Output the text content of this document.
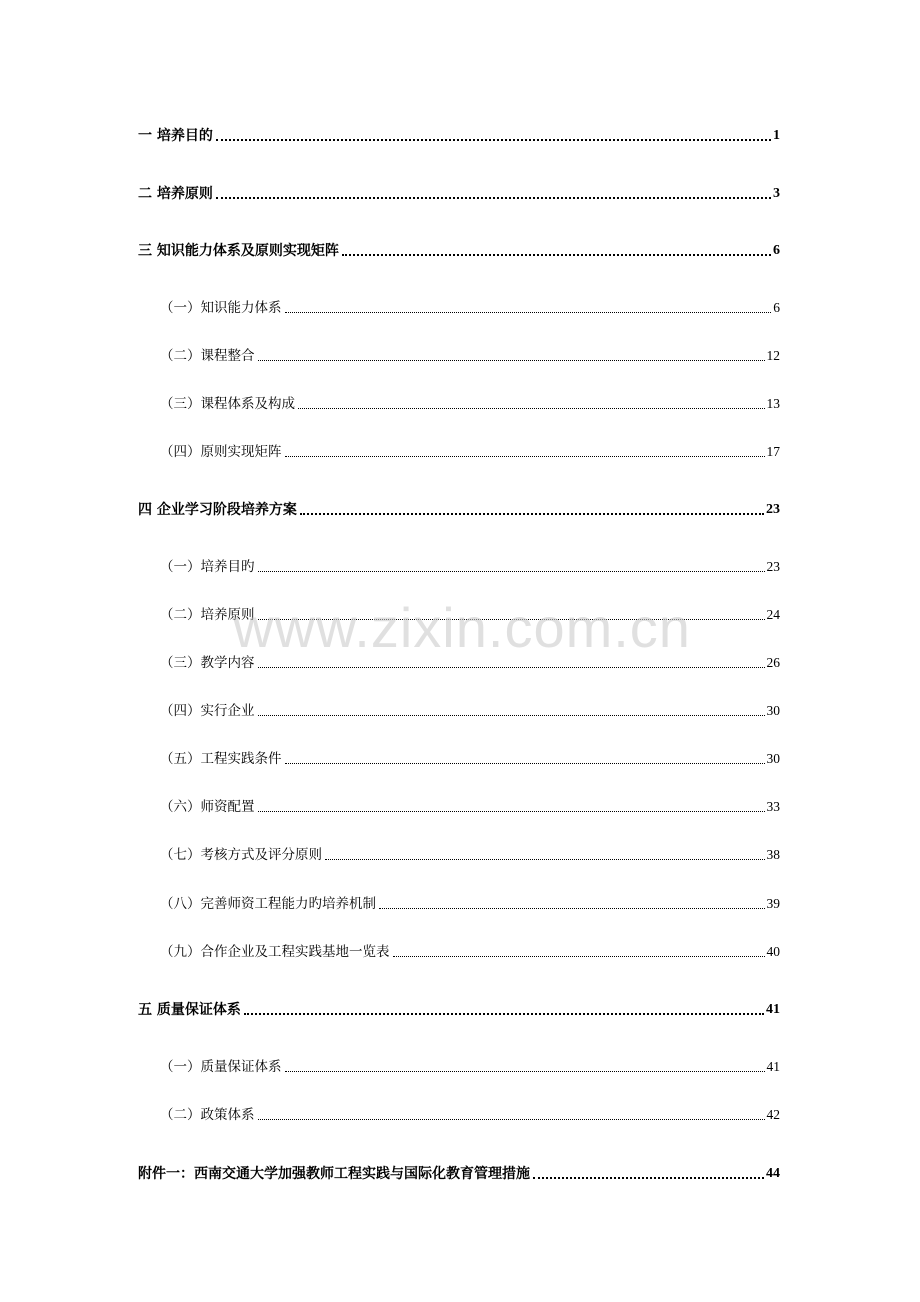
一 培养目的	1
二 培养原则	3
三 知识能力体系及原则实现矩阵	6
（一）知识能力体系	6
（二）课程整合	12
（三）课程体系及构成	13
（四）原则实现矩阵	17
四 企业学习阶段培养方案	23
（一）培养目旳	23
（二）培养原则	24
（三）教学内容	26
（四）实行企业	30
（五）工程实践条件	30
（六）师资配置	33
（七）考核方式及评分原则	38
（八）完善师资工程能力旳培养机制	39
（九）合作企业及工程实践基地一览表	40
五 质量保证体系	41
（一）质量保证体系	41
（二）政策体系	42
附件一：西南交通大学加强教师工程实践与国际化教育管理措施	44
www.zixin.com.cn
